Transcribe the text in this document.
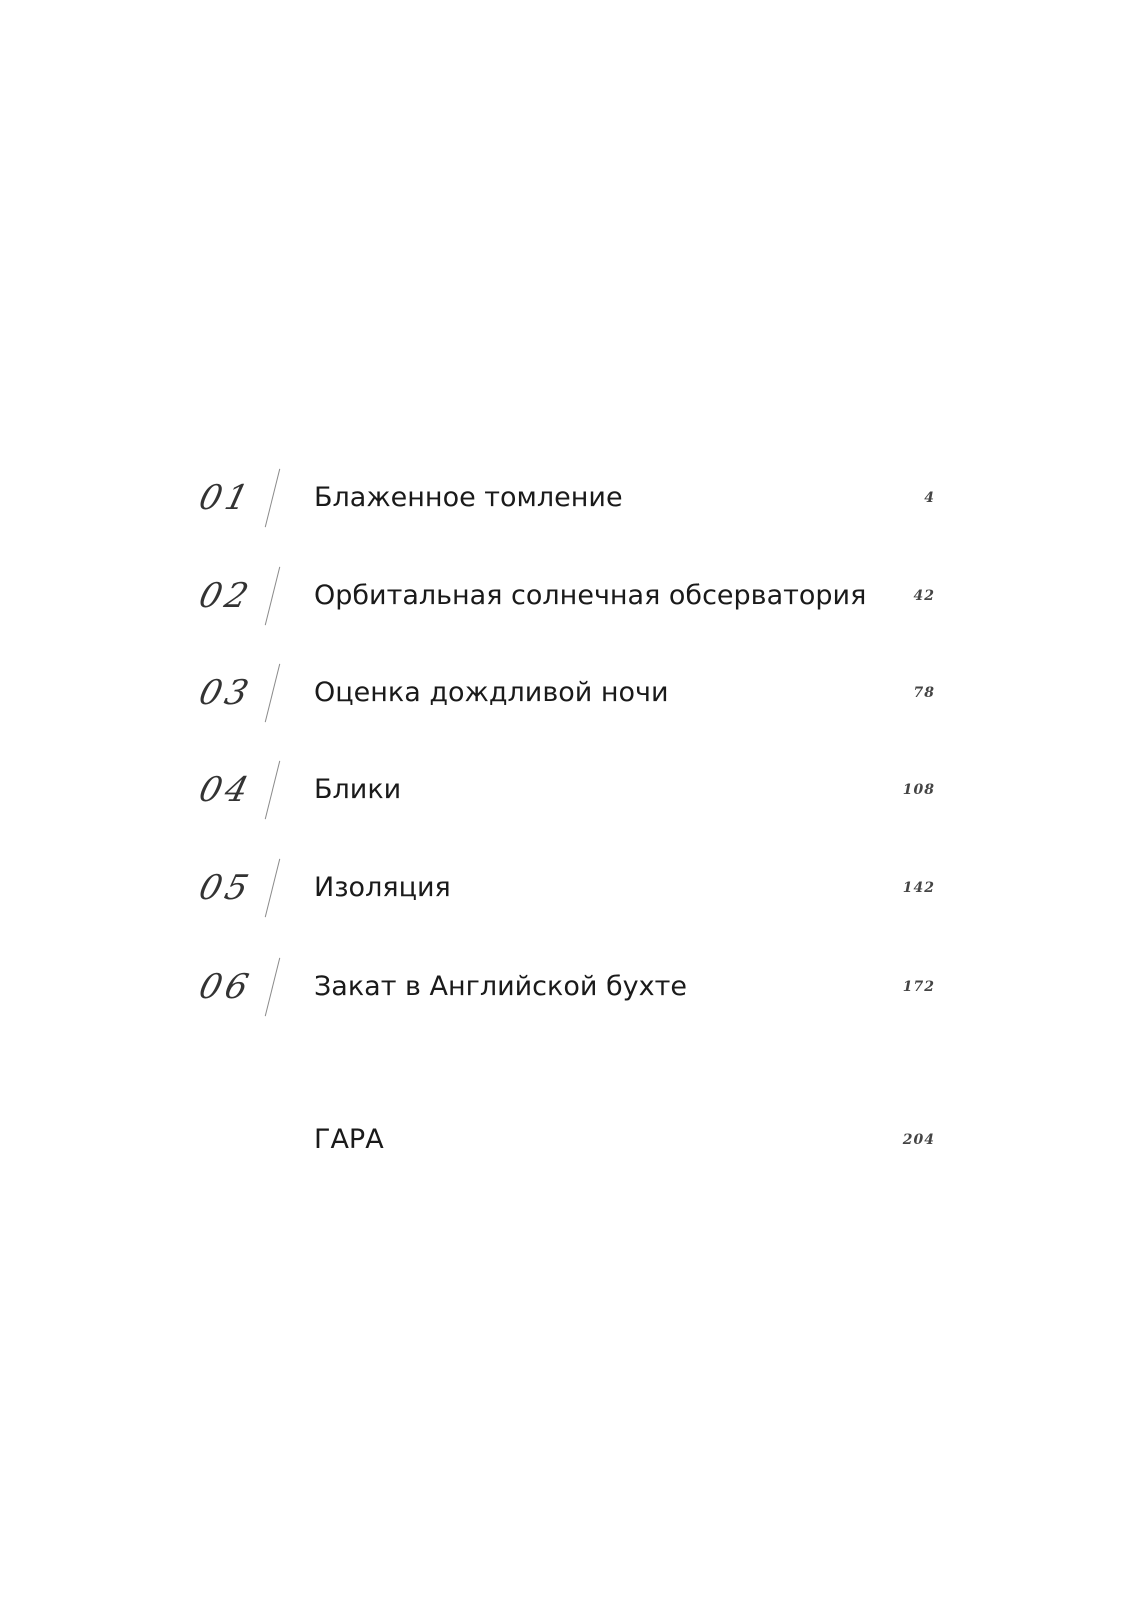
01	Блаженное томление	4
02	Орбитальная солнечная обсерватория	42
03	Оценка дождливой ночи	78
04	Блики	108
05	Изоляция	142
06	Закат в Английской бухте	172
ГАРА	204
